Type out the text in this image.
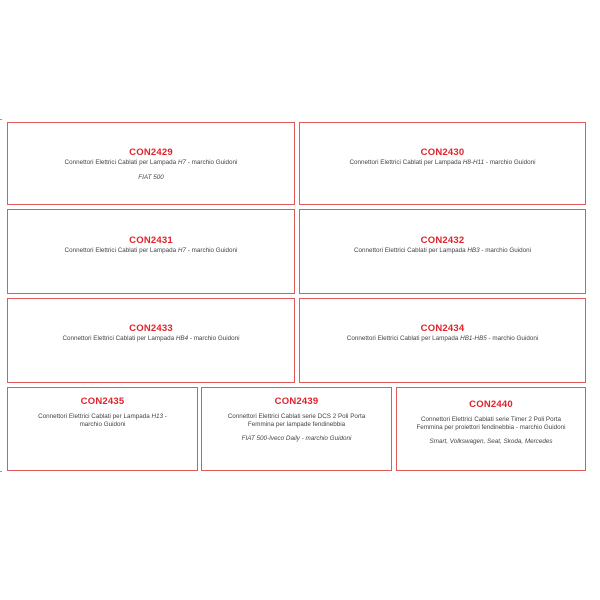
CON2429

Connettori Elettrici Cablati per Lampada H7 - marchio Guidoni

FIAT 500

CON2430

Connettori Elettrici Cablati per Lampada H8-H11 - marchio Guidoni

CON2431

Connettori Elettrici Cablati per Lampada H7 - marchio Guidoni

CON2432

Connettori Elettrici Cablati per Lampada HB3 - marchio Guidoni

CON2433

Connettori Elettrici Cablati per Lampada HB4 - marchio Guidoni

CON2434

Connettori Elettrici Cablati per Lampada HB1-HB5 - marchio Guidoni

CON2435

Connettori Elettrici Cablati per Lampada H13 - marchio Guidoni

CON2439

Connettori Elettrici Cablati serie DCS 2 Poli Porta Femmina per lampade fendinebbia

FIAT 500-Iveco Daily - marchio Guidoni

CON2440

Connettori Elettrici Cablati serie Timer 2 Poli Porta Femmina per proiettori fendinebbia - marchio Guidoni

Smart, Volkswagen, Seat, Skoda, Mercedes
